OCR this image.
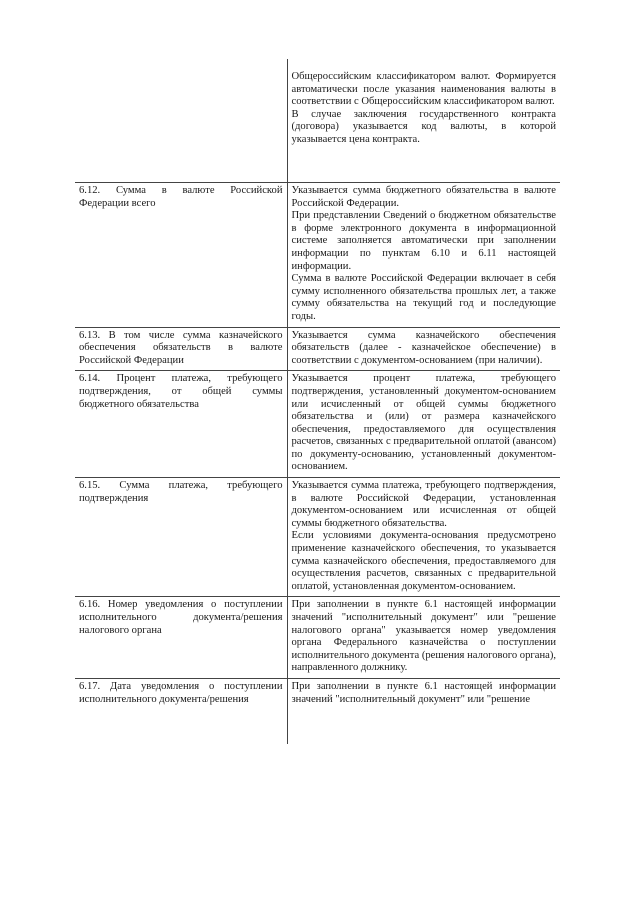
	Общероссийским классификатором валют. Формируется автоматически после указания наименования валюты в соответствии с Общероссийским классификатором валют.

В случае заключения государственного контракта (договора) указывается код валюты, в которой указывается цена контракта.

6.12. Сумма в валюте Российской Федерации всего	Указывается сумма бюджетного обязательства в валюте Российской Федерации.

При представлении Сведений о бюджетном обязательстве в форме электронного документа в информационной системе заполняется автоматически при заполнении информации по пунктам 6.10 и 6.11 настоящей информации.

Сумма в валюте Российской Федерации включает в себя сумму исполненного обязательства прошлых лет, а также сумму обязательства на текущий год и последующие годы.

6.13. В том числе сумма казначейского обеспечения обязательств в валюте Российской Федерации	Указывается сумма казначейского обеспечения обязательств (далее - казначейское обеспечение) в соответствии с документом-основанием (при наличии).

6.14. Процент платежа, требующего подтверждения, от общей суммы бюджетного обязательства	Указывается процент платежа, требующего подтверждения, установленный документом-основанием или исчисленный от общей суммы бюджетного обязательства и (или) от размера казначейского обеспечения, предоставляемого для осуществления расчетов, связанных с предварительной оплатой (авансом) по документу-основанию, установленный документом-основанием.

6.15. Сумма платежа, требующего подтверждения	Указывается сумма платежа, требующего подтверждения, в валюте Российской Федерации, установленная документом-основанием или исчисленная от общей суммы бюджетного обязательства.

Если условиями документа-основания предусмотрено применение казначейского обеспечения, то указывается сумма казначейского обеспечения, предоставляемого для осуществления расчетов, связанных с предварительной оплатой, установленная документом-основанием.

6.16. Номер уведомления о поступлении исполнительного документа/решения налогового органа	При заполнении в пункте 6.1 настоящей информации значений "исполнительный документ" или "решение налогового органа" указывается номер уведомления органа Федерального казначейства о поступлении исполнительного документа (решения налогового органа), направленного должнику.

6.17. Дата уведомления о поступлении исполнительного документа/решения	При заполнении в пункте 6.1 настоящей информации значений "исполнительный документ" или "решение
